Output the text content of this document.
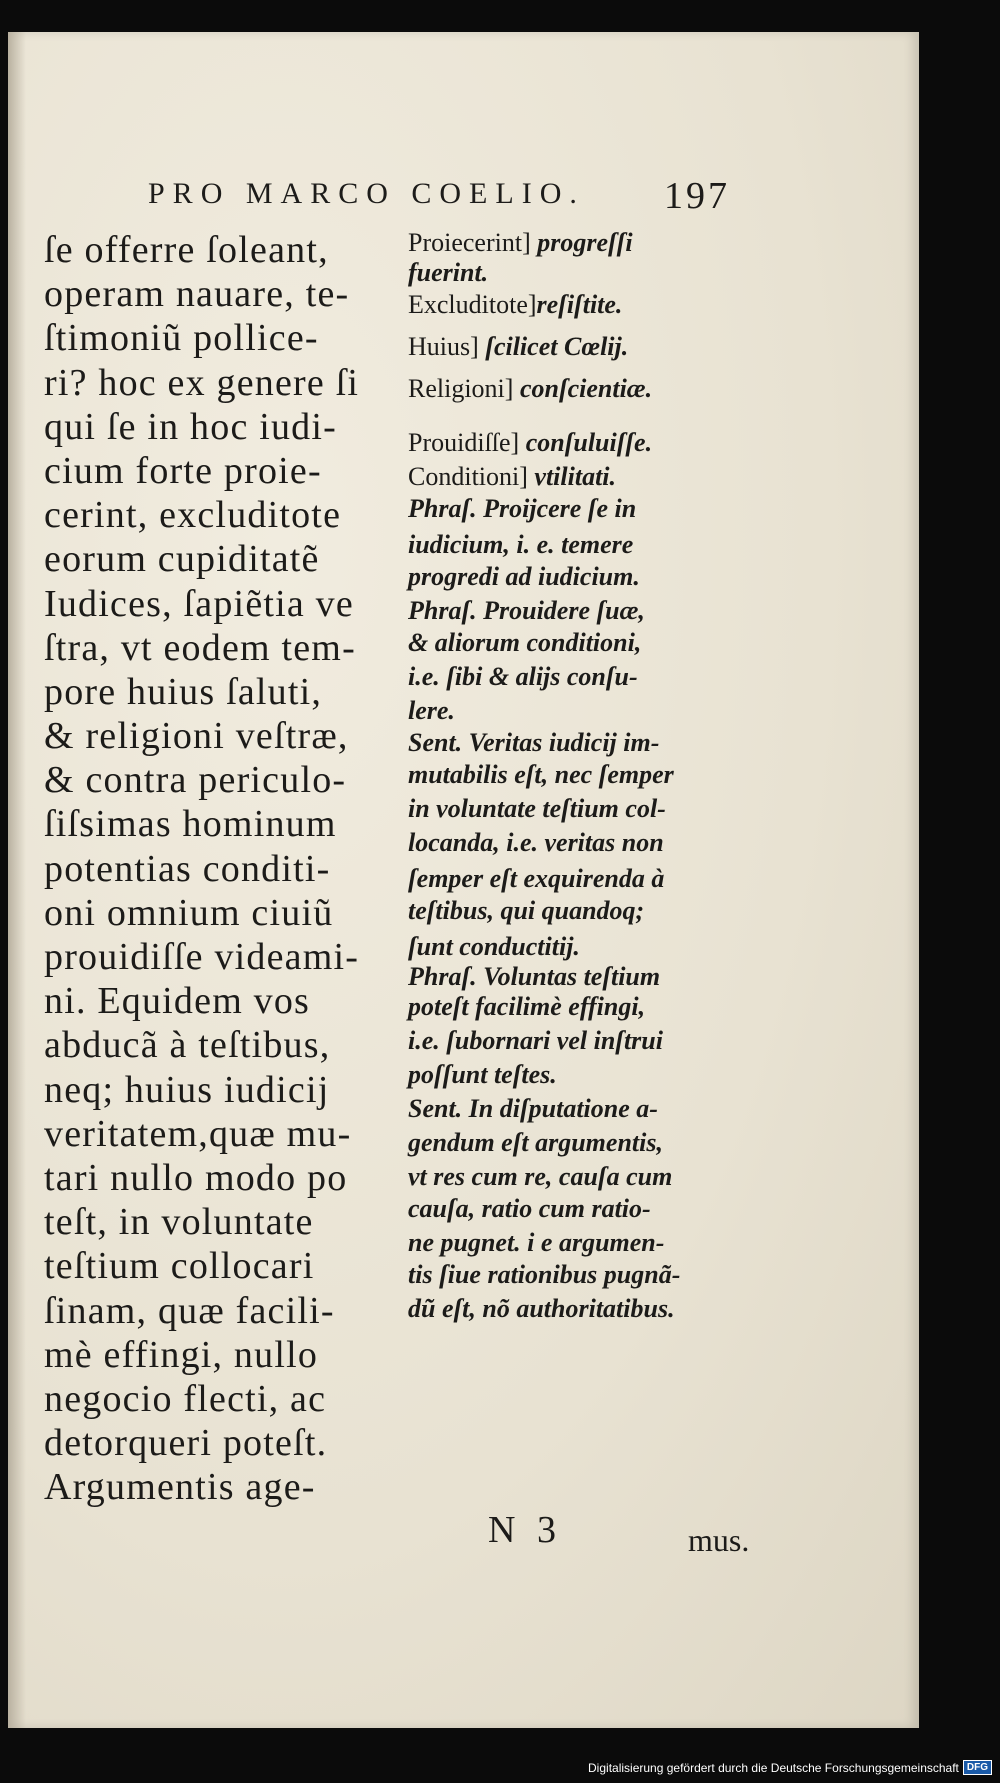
PRO MARCO COELIO.	197
ſe offerre ſoleant,
operam nauare, te-
ſtimoniũ pollice-
ri? hoc ex genere ſi
qui ſe in hoc iudi-
cium forte proie-
cerint, excluditote
eorum cupiditatẽ
Iudices, ſapiẽtia ve
ſtra, vt eodem tem-
pore huius ſaluti,
& religioni veſtræ,
& contra periculo-
ſiſsimas hominum
potentias conditi-
oni omnium ciuiũ
prouidiſſe videami-
ni. Equidem vos
abducã à teſtibus,
neq; huius iudicij
veritatem,quæ mu-
tari nullo modo po
teſt, in voluntate
teſtium collocari
ſinam, quæ facili-
mè effingi, nullo
negocio flecti, ac
detorqueri poteſt.
Argumentis age-
Proiecerint] progreſſi
fuerint.
Excluditote]reſiſtite.
Huius] ſcilicet Cœlij.
Religioni] conſcientiæ.
Prouidiſſe] conſuluiſſe.
Conditioni] vtilitati.
Phraſ. Proijcere ſe in
iudicium, i. e. temere
progredi ad iudicium.
Phraſ. Prouidere ſuæ,
& aliorum conditioni,
i.e. ſibi & alijs conſu-
lere.
Sent. Veritas iudicij im-
mutabilis eſt, nec ſemper
in voluntate teſtium col-
locanda, i.e. veritas non
ſemper eſt exquirenda à
teſtibus, qui quandoq;
ſunt conductitij.
Phraſ. Voluntas teſtium
poteſt facilimè effingi,
i.e. ſubornari vel inſtrui
poſſunt teſtes.
Sent. In diſputatione a-
gendum eſt argumentis,
vt res cum re, cauſa cum
cauſa, ratio cum ratio-
ne pugnet. i e argumen-
tis ſiue rationibus pugnã-
dũ eſt, nõ authoritatibus.
N 3	mus.
Digitalisierung gefördert durch die Deutsche Forschungsgemeinschaft DFG
